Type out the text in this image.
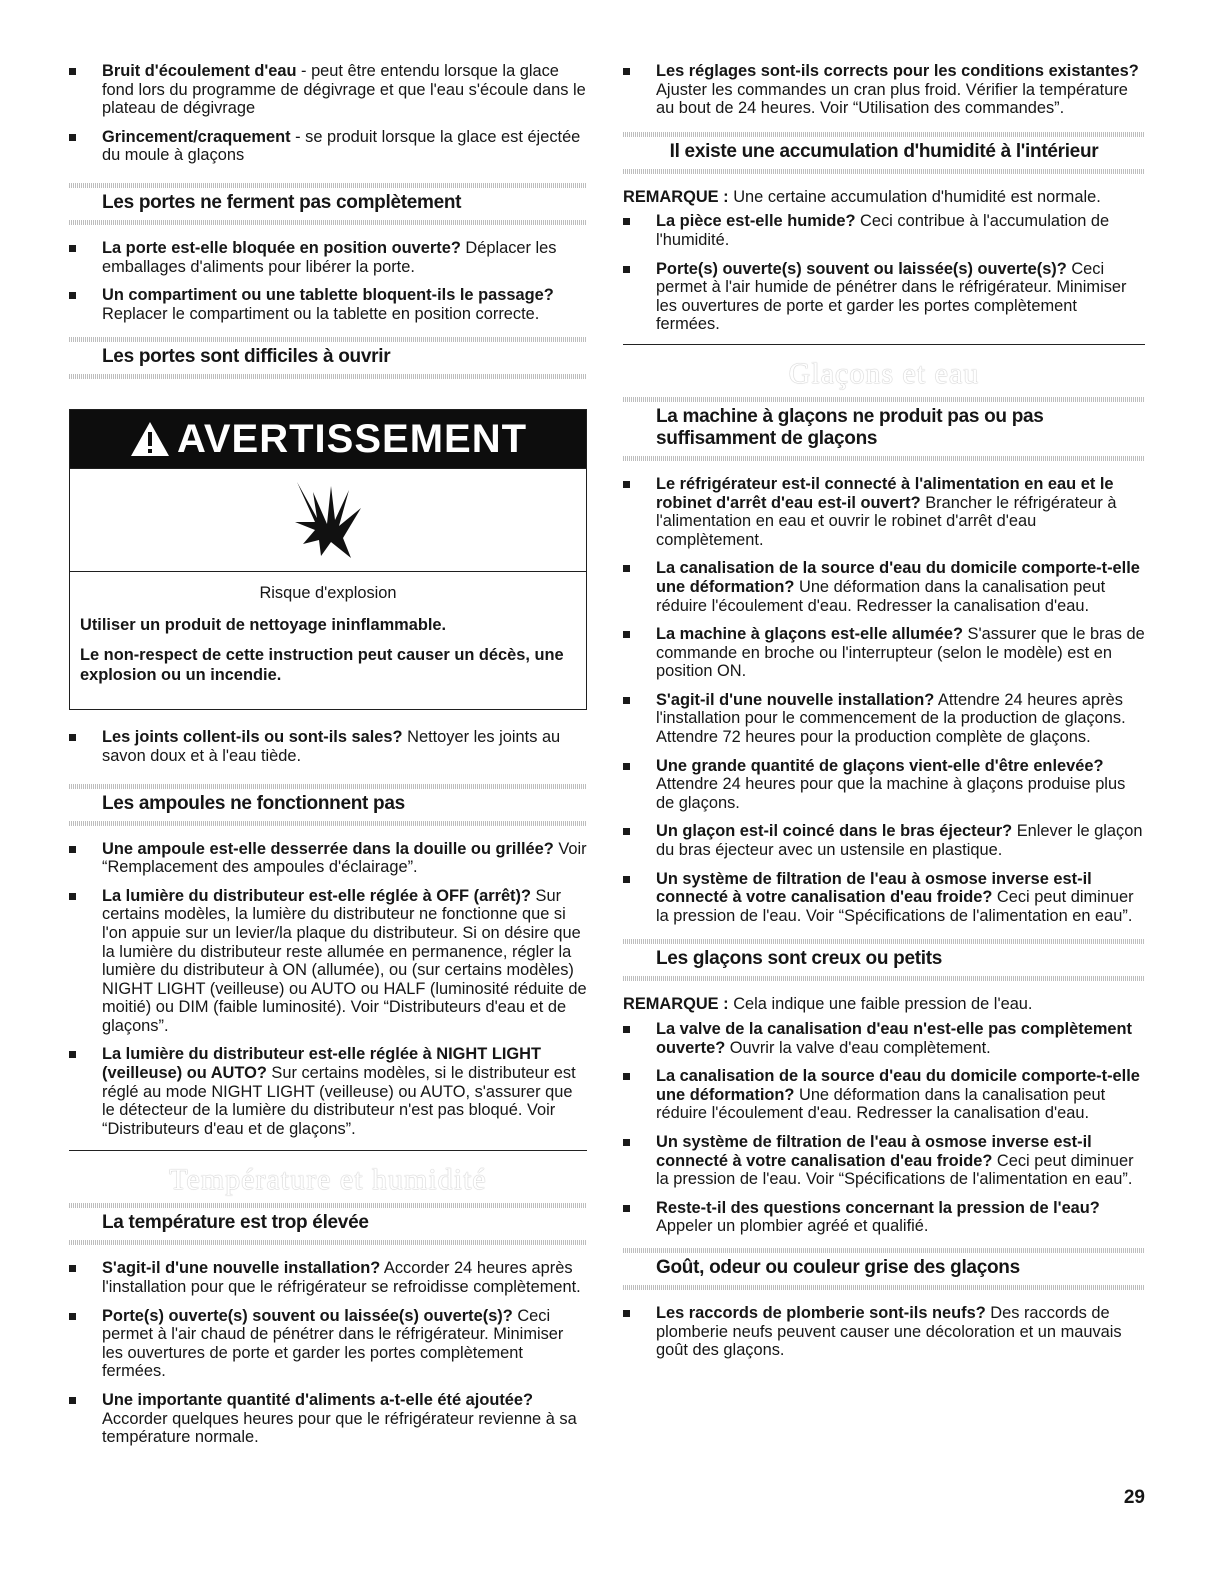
Bruit d'écoulement d'eau - peut être entendu lorsque la glace fond lors du programme de dégivrage et que l'eau s'écoule dans le plateau de dégivrage
Grincement/craquement - se produit lorsque la glace est éjectée du moule à glaçons
Les portes ne ferment pas complètement
La porte est-elle bloquée en position ouverte? Déplacer les emballages d'aliments pour libérer la porte.
Un compartiment ou une tablette bloquent-ils le passage? Replacer le compartiment ou la tablette en position correcte.
Les portes sont difficiles à ouvrir
AVERTISSEMENT
Risque d'explosion
Utiliser un produit de nettoyage ininflammable.
Le non-respect de cette instruction peut causer un décès, une explosion ou un incendie.
Les joints collent-ils ou sont-ils sales? Nettoyer les joints au savon doux et à l'eau tiède.
Les ampoules ne fonctionnent pas
Une ampoule est-elle desserrée dans la douille ou grillée? Voir “Remplacement des ampoules d'éclairage”.
La lumière du distributeur est-elle réglée à OFF (arrêt)? Sur certains modèles, la lumière du distributeur ne fonctionne que si l'on appuie sur un levier/la plaque du distributeur. Si on désire que la lumière du distributeur reste allumée en permanence, régler la lumière du distributeur à ON (allumée), ou (sur certains modèles) NIGHT LIGHT (veilleuse) ou AUTO ou HALF (luminosité réduite de moitié) ou DIM (faible luminosité). Voir “Distributeurs d'eau et de glaçons”.
La lumière du distributeur est-elle réglée à NIGHT LIGHT (veilleuse) ou AUTO? Sur certains modèles, si le distributeur est réglé au mode NIGHT LIGHT (veilleuse) ou AUTO, s'assurer que le détecteur de la lumière du distributeur n'est pas bloqué. Voir “Distributeurs d'eau et de glaçons”.
Température et humidité
La température est trop élevée
S'agit-il d'une nouvelle installation? Accorder 24 heures après l'installation pour que le réfrigérateur se refroidisse complètement.
Porte(s) ouverte(s) souvent ou laissée(s) ouverte(s)? Ceci permet à l'air chaud de pénétrer dans le réfrigérateur. Minimiser les ouvertures de porte et garder les portes complètement fermées.
Une importante quantité d'aliments a-t-elle été ajoutée? Accorder quelques heures pour que le réfrigérateur revienne à sa température normale.
Les réglages sont-ils corrects pour les conditions existantes? Ajuster les commandes un cran plus froid. Vérifier la température au bout de 24 heures. Voir “Utilisation des commandes”.
Il existe une accumulation d'humidité à l'intérieur
REMARQUE : Une certaine accumulation d'humidité est normale.
La pièce est-elle humide? Ceci contribue à l'accumulation de l'humidité.
Porte(s) ouverte(s) souvent ou laissée(s) ouverte(s)? Ceci permet à l'air humide de pénétrer dans le réfrigérateur. Minimiser les ouvertures de porte et garder les portes complètement fermées.
Glaçons et eau
La machine à glaçons ne produit pas ou pas suffisamment de glaçons
Le réfrigérateur est-il connecté à l'alimentation en eau et le robinet d'arrêt d'eau est-il ouvert? Brancher le réfrigérateur à l'alimentation en eau et ouvrir le robinet d'arrêt d'eau complètement.
La canalisation de la source d'eau du domicile comporte-t-elle une déformation? Une déformation dans la canalisation peut réduire l'écoulement d'eau. Redresser la canalisation d'eau.
La machine à glaçons est-elle allumée? S'assurer que le bras de commande en broche ou l'interrupteur (selon le modèle) est en position ON.
S'agit-il d'une nouvelle installation? Attendre 24 heures après l'installation pour le commencement de la production de glaçons. Attendre 72 heures pour la production complète de glaçons.
Une grande quantité de glaçons vient-elle d'être enlevée? Attendre 24 heures pour que la machine à glaçons produise plus de glaçons.
Un glaçon est-il coincé dans le bras éjecteur? Enlever le glaçon du bras éjecteur avec un ustensile en plastique.
Un système de filtration de l'eau à osmose inverse est-il connecté à votre canalisation d'eau froide? Ceci peut diminuer la pression de l'eau. Voir “Spécifications de l'alimentation en eau”.
Les glaçons sont creux ou petits
REMARQUE : Cela indique une faible pression de l'eau.
La valve de la canalisation d'eau n'est-elle pas complètement ouverte? Ouvrir la valve d'eau complètement.
La canalisation de la source d'eau du domicile comporte-t-elle une déformation? Une déformation dans la canalisation peut réduire l'écoulement d'eau. Redresser la canalisation d'eau.
Un système de filtration de l'eau à osmose inverse est-il connecté à votre canalisation d'eau froide? Ceci peut diminuer la pression de l'eau. Voir “Spécifications de l'alimentation en eau”.
Reste-t-il des questions concernant la pression de l'eau? Appeler un plombier agréé et qualifié.
Goût, odeur ou couleur grise des glaçons
Les raccords de plomberie sont-ils neufs? Des raccords de plomberie neufs peuvent causer une décoloration et un mauvais goût des glaçons.
29
